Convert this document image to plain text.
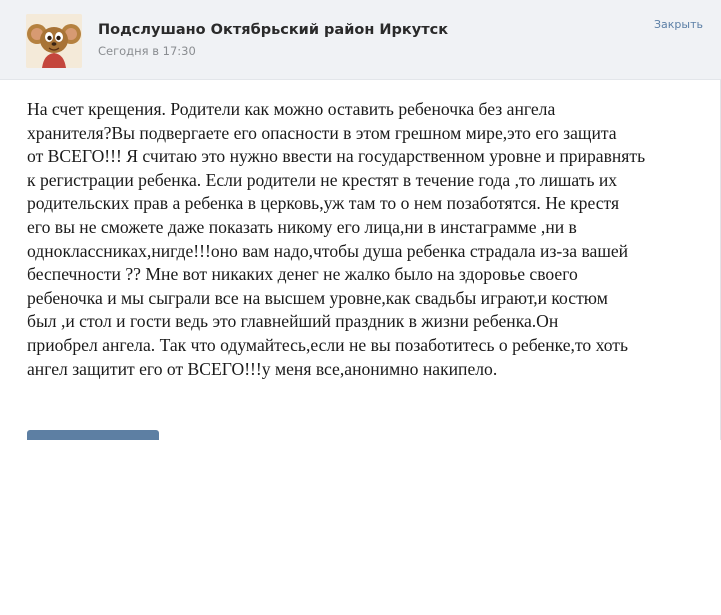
Подслушано Октябрьский район Иркутск
Сегодня в 17:30
Закрыть
На счет крещения. Родители как можно оставить ребеночка без ангела
хранителя?Вы подвергаете его опасности в этом грешном мире,это его защита
от ВСЕГО!!! Я считаю это нужно ввести на государственном уровне и приравнять
к регистрации ребенка. Если родители не крестят в течение года ,то лишать их
родительских прав а ребенка в церковь,уж там то о нем позаботятся. Не крестя
его вы не сможете даже показать никому его лица,ни в инстаграмме ,ни в
одноклассниках,нигде!!!оно вам надо,чтобы душа ребенка страдала из-за вашей
беспечности ?? Мне вот никаких денег не жалко было на здоровье своего
ребеночка и мы сыграли все на высшем уровне,как свадьбы играют,и костюм
был ,и стол и гости ведь это главнейший праздник в жизни ребенка.Он
приобрел ангела. Так что одумайтесь,если не вы позаботитесь о ребенке,то хоть
ангел защитит его от ВСЕГО!!!у меня все,анонимно накипело.
